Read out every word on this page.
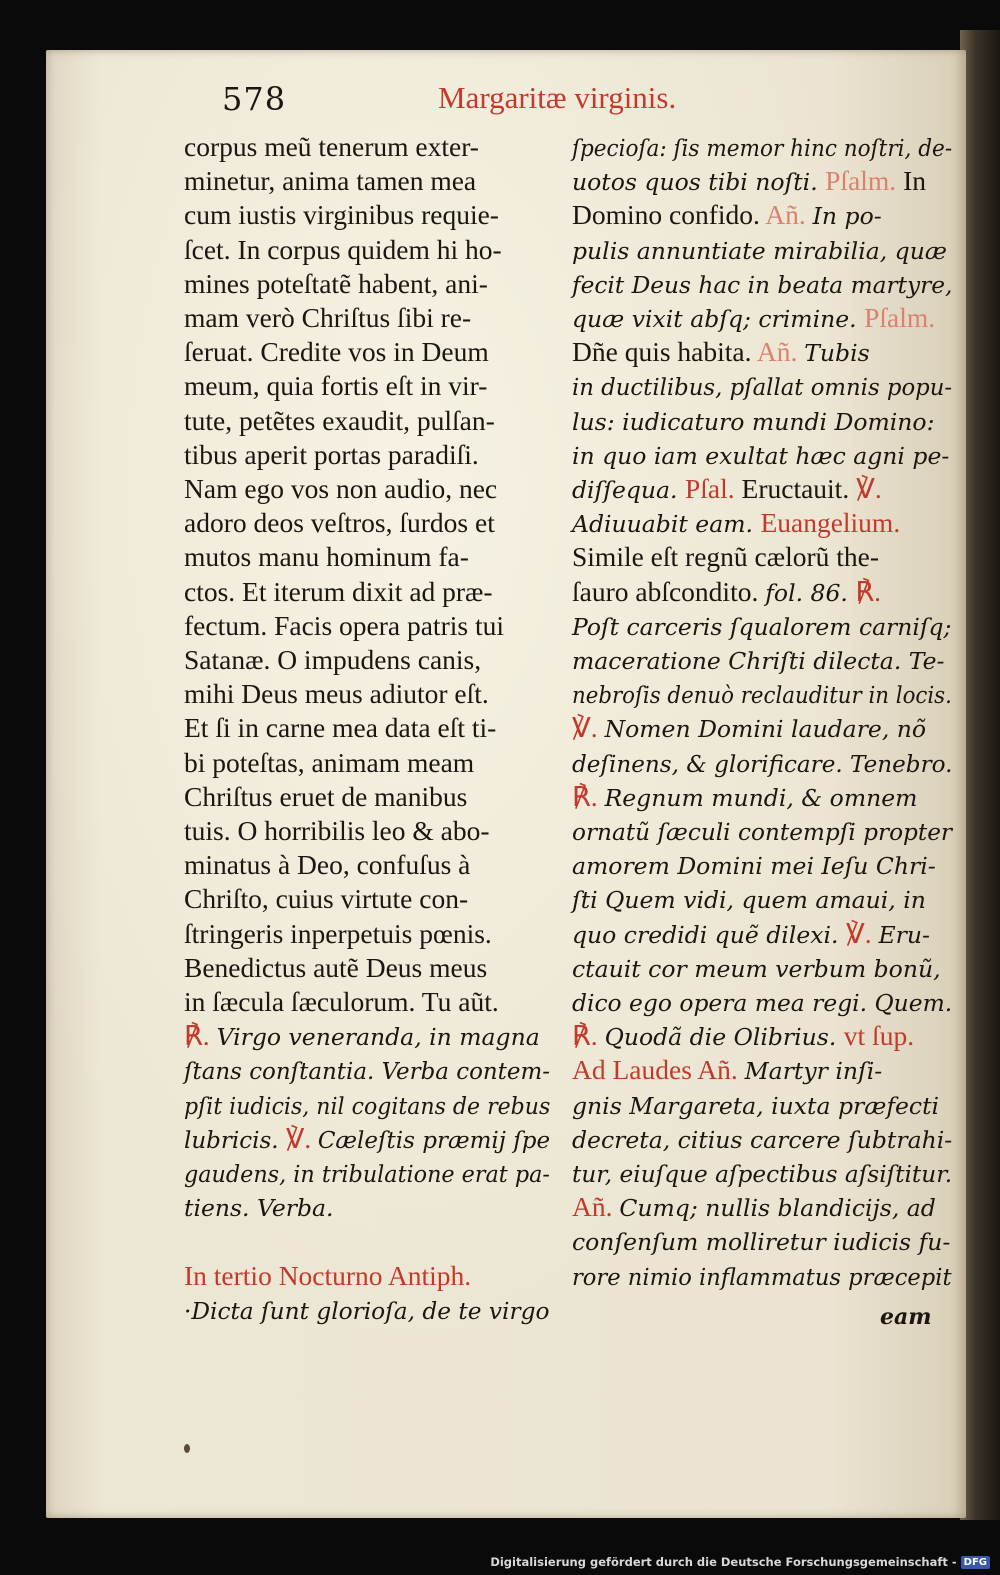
578	Margaritæ virginis.
corpus meũ tenerum exter-
minetur, anima tamen mea
cum iustis virginibus requie-
ſcet. In corpus quidem hi ho-
mines poteſtatẽ habent, ani-
mam verò Chriſtus ſibi re-
ſeruat. Credite vos in Deum
meum, quia fortis eſt in vir-
tute, petẽtes exaudit, pulſan-
tibus aperit portas paradiſi.
Nam ego vos non audio, nec
adoro deos veſtros, ſurdos et
mutos manu hominum fa-
ctos. Et iterum dixit ad præ-
fectum. Facis opera patris tui
Satanæ. O impudens canis,
mihi Deus meus adiutor eſt.
Et ſi in carne mea data eſt ti-
bi poteſtas, animam meam
Chriſtus eruet de manibus
tuis. O horribilis leo & abo-
minatus à Deo, confuſus à
Chriſto, cuius virtute con-
ſtringeris inperpetuis pœnis.
Benedictus autẽ Deus meus
in ſæcula ſæculorum. Tu aũt.
℟. Virgo venerand⁠a, in magna
ſtans conſtantia. Verba contem-
pſit iudicis, nil cogitans de rebus
lubricis. ℣. Cæleſtis præmij ſpe
gaudens, in tribulatione erat pa-
tiens. Verba.
In tertio Nocturno Antiph.
·Dicta ſunt glorioſa, de te virgo
ſpecioſa: ſis memor hinc noſtri, de-
uotos quos tibi noſti. Pſalm. In
Domino confido. Añ. In po-
pulis annuntiate mirabilia, quæ
fecit Deus hac in beata martyre,
quæ vixit abſq; crimine. Pſalm.
Dñe quis habita. Añ. Tubis
in ductilibus, pſallat omnis popu-
lus: iudicaturo mundi Domino:
in quo iam exultat hæc agni pe-
diſſequa. Pſal. Eructauit. ℣.
Adiuuabit eam. Euangelium.
Simile eſt regnũ cælorũ the-
ſauro abſcondito. fol. 86. ℟.
Poſt carceris ſqualorem carniſq;
maceratione Chriſti dilecta. Te-
nebroſis denuò reclauditur in locis.
℣. Nomen Domini laudare, nõ
deſinens, & glorificare. Tenebro.
℟. Regnum mundi, & omnem
ornatũ ſæculi contempſi propter
amorem Domini mei Ieſu Chri-
ſti Quem vidi, quem amaui, in
quo credidi quẽ dilexi. ℣. Eru-
ctauit cor meum verbum bonũ,
dico ego opera mea regi. Quem.
℟. Quodã die Olibrius. vt ſup.
Ad Laudes Añ. Martyr inſi-
gnis Margareta, iuxta præfecti
decreta, citius carcere ſubtrahi-
tur, eiuſque aſpectibus aſsiſtitur.
Añ. Cumq; nullis blandicijs, ad
conſenſum molliretur iudicis fu-
rore nimio inflammatus præcepit
eam
Digitalisierung gefördert durch die Deutsche Forschungsgemeinschaft - DFG
